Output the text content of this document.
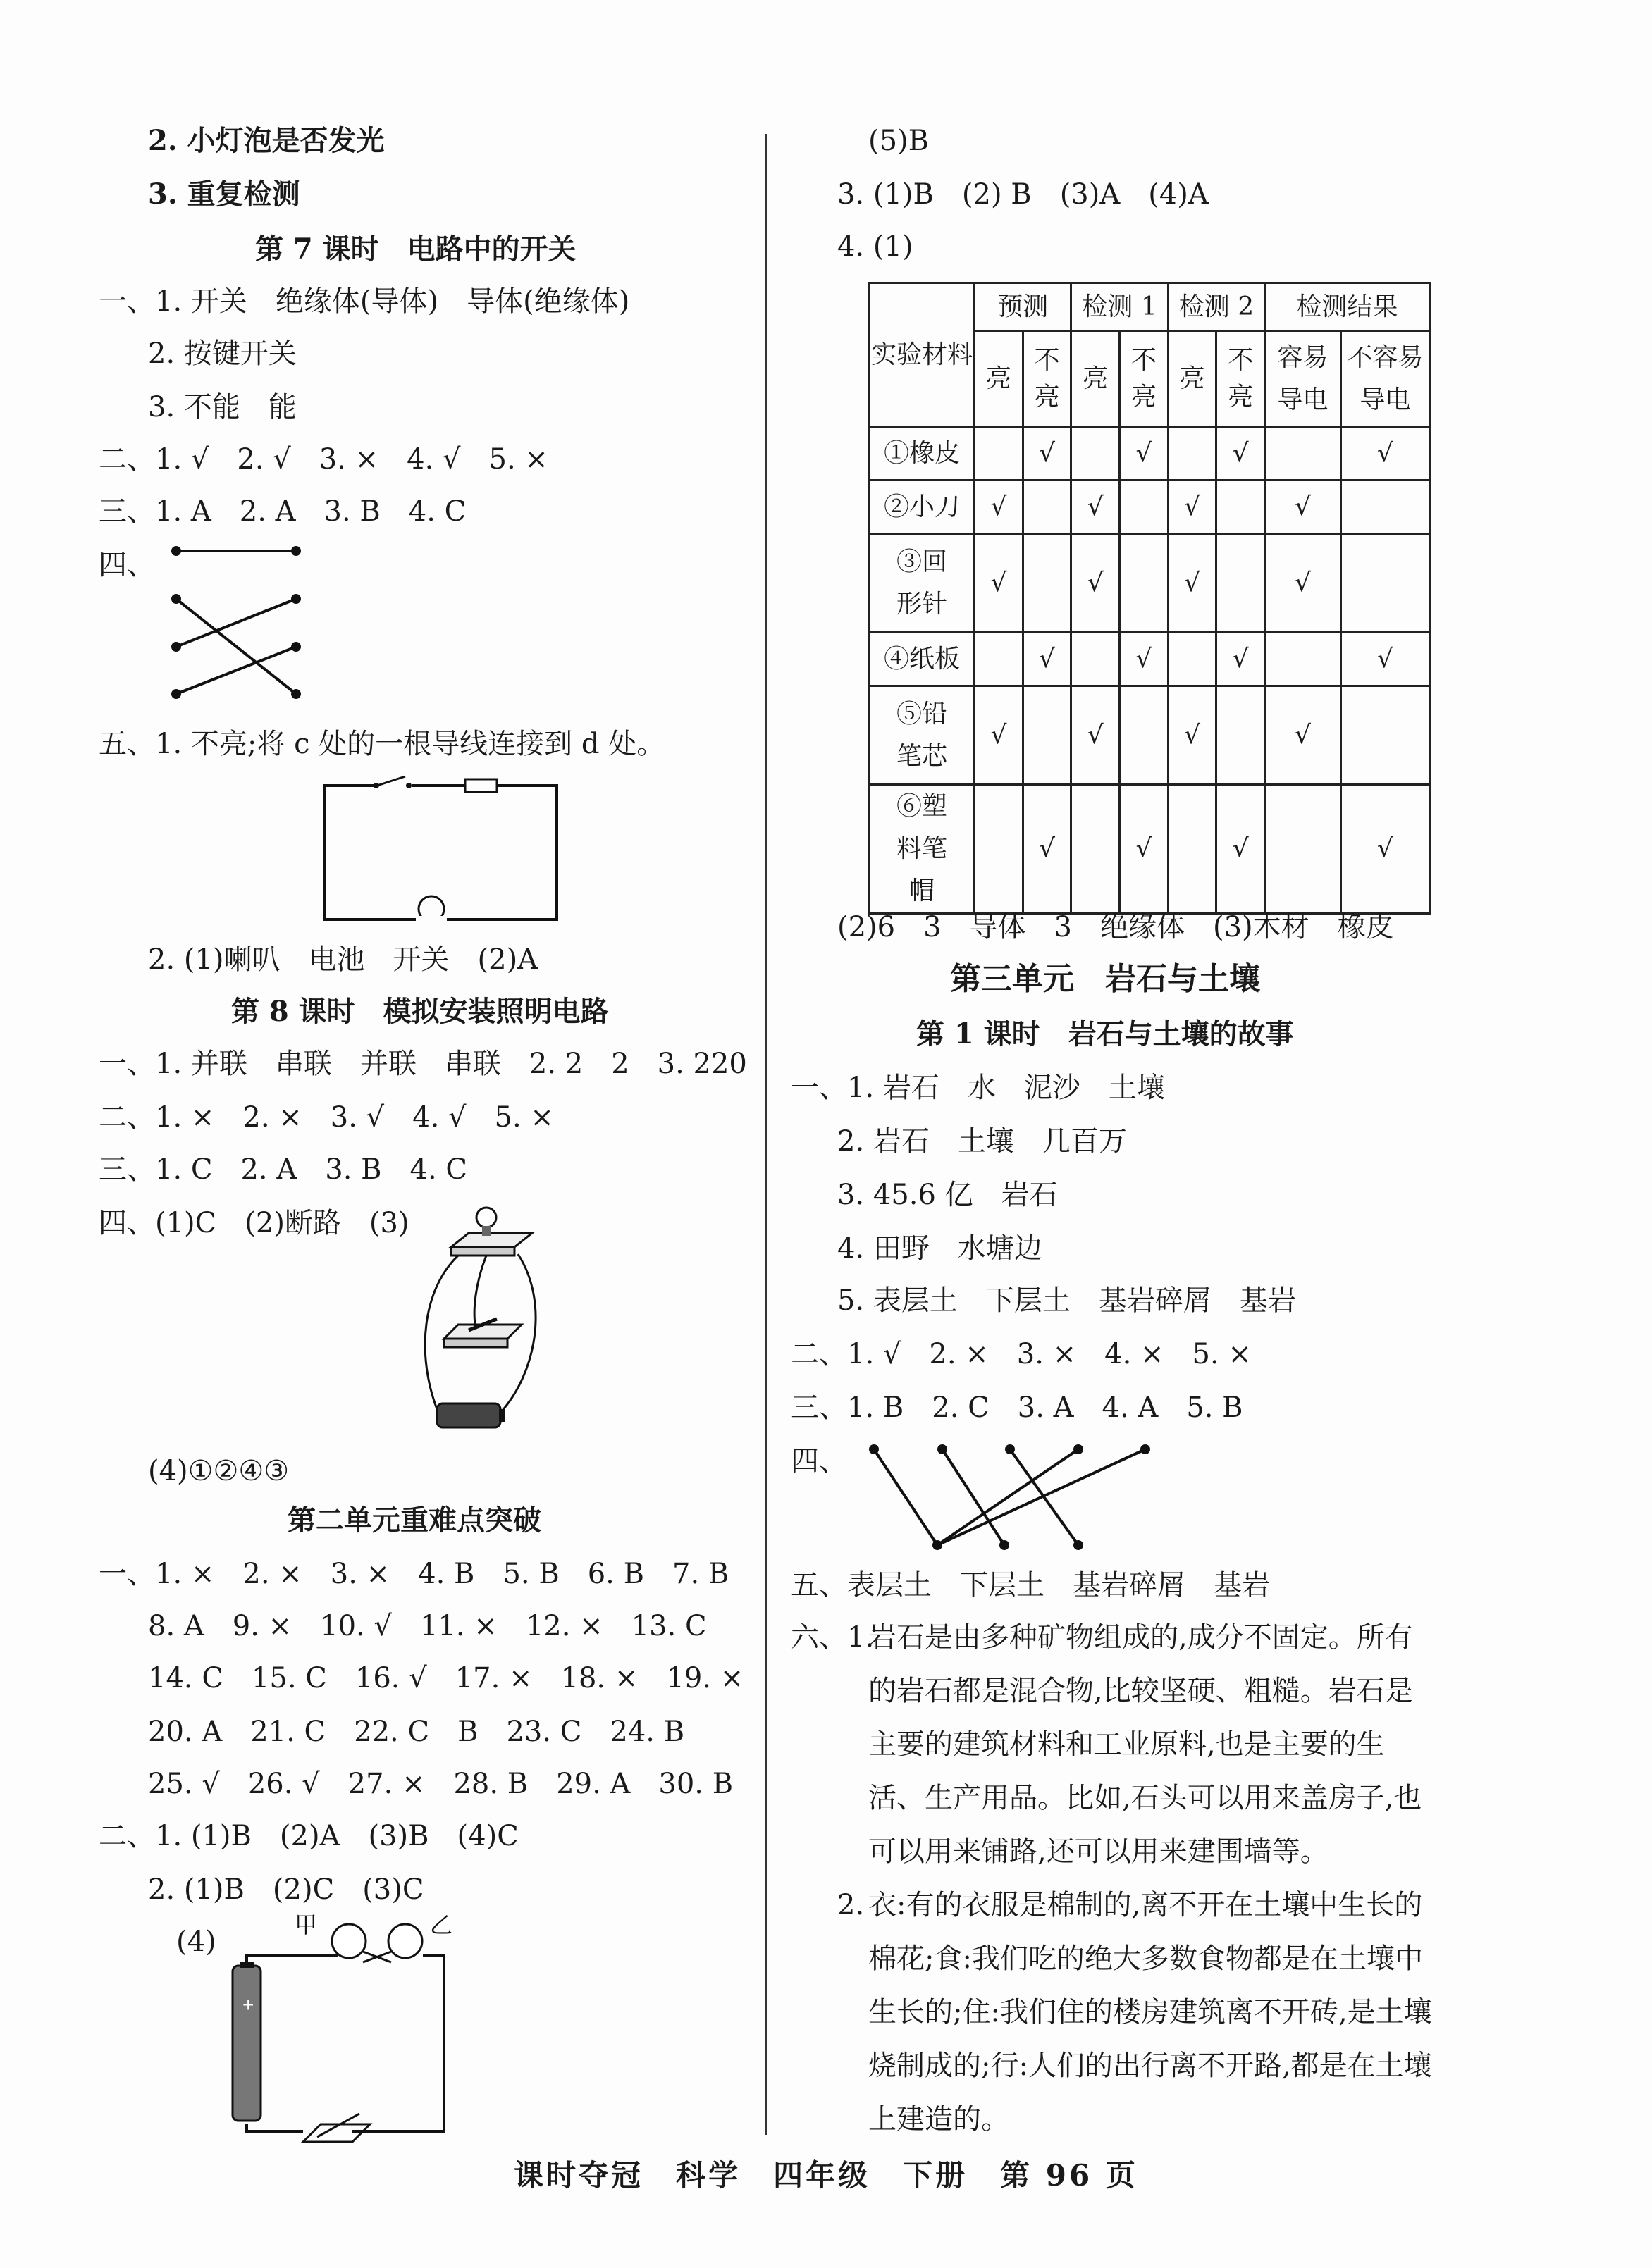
2. 小灯泡是否发光
3. 重复检测
第 7 课时　电路中的开关
一、1. 开关　绝缘体(导体)　导体(绝缘体)
2. 按键开关
3. 不能　能
二、1. √　2. √　3. ×　4. √　5. ×
三、1. A　2. A　3. B　4. C
四、
五、1. 不亮;将 c 处的一根导线连接到 d 处。
2. (1)喇叭　电池　开关　(2)A
第 8 课时　模拟安装照明电路
一、1. 并联　串联　并联　串联　2. 2　2　3. 220
二、1. ×　2. ×　3. √　4. √　5. ×
三、1. C　2. A　3. B　4. C
四、(1)C　(2)断路　(3)
(4)①②④③
第二单元重难点突破
一、1. ×　2. ×　3. ×　4. B　5. B　6. B　7. B
8. A　9. ×　10. √　11. ×　12. ×　13. C
14. C　15. C　16. √　17. ×　18. ×　19. ×
20. A　21. C　22. C　B　23. C　24. B
25. √　26. √　27. ×　28. B　29. A　30. B
二、1. (1)B　(2)A　(3)B　(4)C
2. (1)B　(2)C　(3)C
(4)
+
甲	乙
(5)B
3. (1)B　(2) B　(3)A　(4)A
4. (1)
实验材料	预测		检测 1		检测 2		检测结果	
	亮	不亮	亮	不亮	亮	不亮	容易导电	不容易导电
①橡皮		√		√		√		√
②小刀	√		√		√		√	
③回形针	√		√		√		√	
④纸板		√		√		√		√
⑤铅笔芯	√		√		√		√	
⑥塑料笔帽		√		√		√		√
(2)6　3　导体　3　绝缘体　(3)木材　橡皮
第三单元　岩石与土壤
第 1 课时　岩石与土壤的故事
一、1. 岩石　水　泥沙　土壤
2. 岩石　土壤　几百万
3. 45.6 亿　岩石
4. 田野　水塘边
5. 表层土　下层土　基岩碎屑　基岩
二、1. √　2. ×　3. ×　4. ×　5. ×
三、1. B　2. C　3. A　4. A　5. B
四、
五、表层土　下层土　基岩碎屑　基岩
六、1.
岩石是由多种矿物组成的,成分不固定。所有的岩石都是混合物,比较坚硬、粗糙。岩石是主要的建筑材料和工业原料,也是主要的生活、生产用品。比如,石头可以用来盖房子,也可以用来铺路,还可以用来建围墙等。
2. 衣:有的衣服是棉制的,离不开在土壤中生长的棉花;食:我们吃的绝大多数食物都是在土壤中生长的;住:我们住的楼房建筑离不开砖,是土壤烧制成的;行:人们的出行离不开路,都是在土壤上建造的。
课时夺冠　科学　四年级　下册　第 96 页
